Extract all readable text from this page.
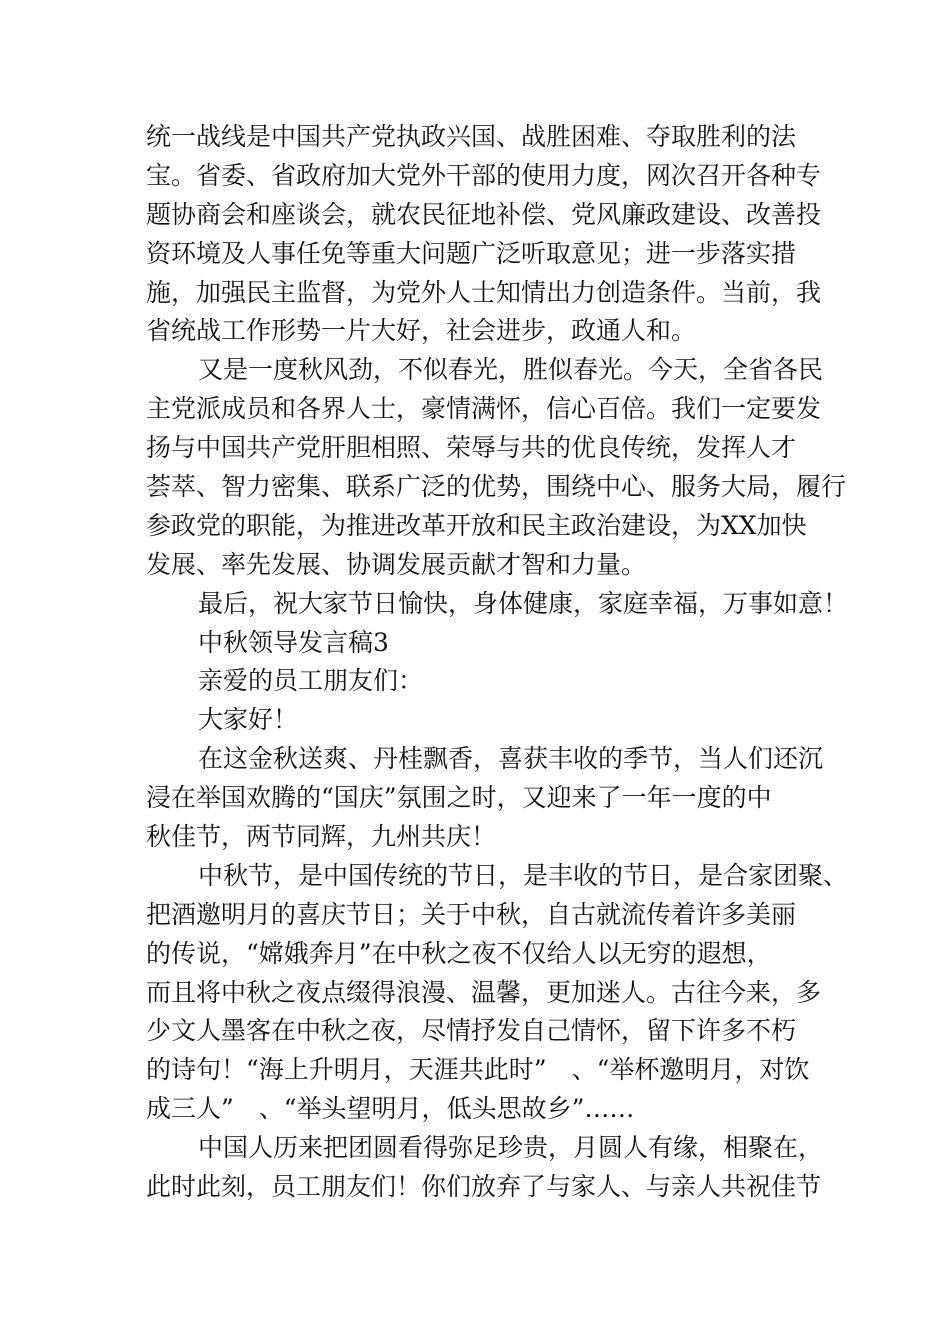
统一战线是中国共产党执政兴国、战胜困难、夺取胜利的法
宝。省委、省政府加大党外干部的使用力度，网次召开各种专
题协商会和座谈会，就农民征地补偿、党风廉政建设、改善投
资环境及人事任免等重大问题广泛听取意见；进一步落实措
施，加强民主监督，为党外人士知情出力创造条件。当前，我
省统战工作形势一片大好，社会进步，政通人和。
又是一度秋风劲，不似春光，胜似春光。今天，全省各民
主党派成员和各界人士，豪情满怀，信心百倍。我们一定要发
扬与中国共产党肝胆相照、荣辱与共的优良传统，发挥人才
荟萃、智力密集、联系广泛的优势，围绕中心、服务大局，履行
参政党的职能，为推进改革开放和民主政治建设，为XX加快
发展、率先发展、协调发展贡献才智和力量。
最后，祝大家节日愉快，身体健康，家庭幸福，万事如意！
中秋领导发言稿3
亲爱的员工朋友们：
大家好！
在这金秋送爽、丹桂飘香，喜获丰收的季节，当人们还沉
浸在举国欢腾的“国庆”氛围之时，又迎来了一年一度的中
秋佳节，两节同辉，九州共庆！
中秋节，是中国传统的节日，是丰收的节日，是合家团聚、
把酒邀明月的喜庆节日；关于中秋，自古就流传着许多美丽
的传说，“嫦娥奔月”在中秋之夜不仅给人以无穷的遐想，
而且将中秋之夜点缀得浪漫、温馨，更加迷人。古往今来，多
少文人墨客在中秋之夜，尽情抒发自己情怀，留下许多不朽
的诗句！“海上升明月，天涯共此时”　、“举杯邀明月，对饮
成三人”　、“举头望明月，低头思故乡”……
中国人历来把团圆看得弥足珍贵，月圆人有缘，相聚在，
此时此刻，员工朋友们！你们放弃了与家人、与亲人共祝佳节
